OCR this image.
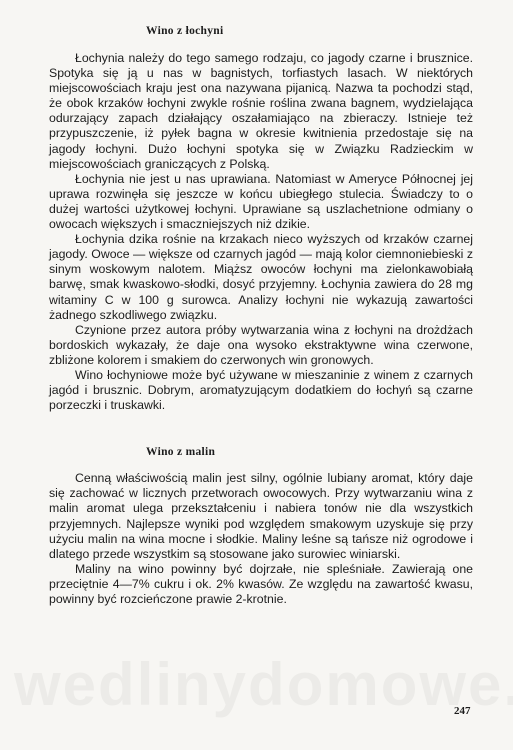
Wino z łochyni

Łochynia należy do tego samego rodzaju, co jagody czarne i brusznice. Spotyka się ją u nas w bagnistych, torfiastych lasach. W niektórych miejscowościach kraju jest ona nazywana pijanicą. Nazwa ta pochodzi stąd, że obok krzaków łochyni zwykle rośnie roślina zwana bagnem, wydzielająca odurzający zapach działający oszałamiająco na zbieraczy. Istnieje też przypuszczenie, iż pyłek bagna w okresie kwitnienia przedostaje się na jagody łochyni. Dużo łochyni spotyka się w Związku Radzieckim w miejscowościach graniczących z Polską.

Łochynia nie jest u nas uprawiana. Natomiast w Ameryce Północnej jej uprawa rozwinęła się jeszcze w końcu ubiegłego stulecia. Świadczy to o dużej wartości użytkowej łochyni. Uprawiane są uszlachetnione odmiany o owocach większych i smaczniejszych niż dzikie.

Łochynia dzika rośnie na krzakach nieco wyższych od krzaków czarnej jagody. Owoce — większe od czarnych jagód — mają kolor ciemnoniebieski z sinym woskowym nalotem. Miąższ owoców łochyni ma zielonkawobiałą barwę, smak kwaskowo-słodki, dosyć przyjemny. Łochynia zawiera do 28 mg witaminy C w 100 g surowca. Analizy łochyni nie wykazują zawartości żadnego szkodliwego związku.

Czynione przez autora próby wytwarzania wina z łochyni na drożdżach bordoskich wykazały, że daje ona wysoko ekstraktywne wina czerwone, zbliżone kolorem i smakiem do czerwonych win gronowych.

Wino łochyniowe może być używane w mieszaninie z winem z czarnych jagód i brusznic. Dobrym, aromatyzującym dodatkiem do łochyń są czarne porzeczki i truskawki.

Wino z malin

Cenną właściwością malin jest silny, ogólnie lubiany aromat, który daje się zachować w licznych przetworach owocowych. Przy wytwarzaniu wina z malin aromat ulega przekształceniu i nabiera tonów nie dla wszystkich przyjemnych. Najlepsze wyniki pod względem smakowym uzyskuje się przy użyciu malin na wina mocne i słodkie. Maliny leśne są tańsze niż ogrodowe i dlatego przede wszystkim są stosowane jako surowiec winiarski.

Maliny na wino powinny być dojrzałe, nie spleśniałe. Zawierają one przeciętnie 4—7% cukru i ok. 2% kwasów. Ze względu na zawartość kwasu, powinny być rozcieńczone prawie 2-krotnie.

247
